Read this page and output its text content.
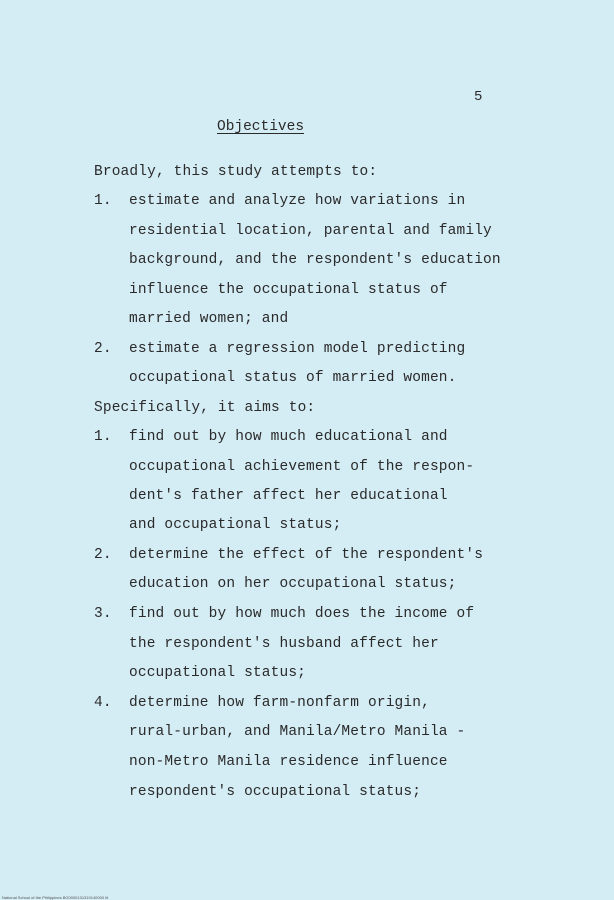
5
Objectives
Broadly, this study attempts to:
1. estimate and analyze how variations in
residential location, parental and family
background, and the respondent's education
influence the occupational status of
married women; and
2. estimate a regression model predicting
occupational status of married women.
Specifically, it aims to:
1. find out by how much educational and
occupational achievement of the respon-
dent's father affect her educational
and occupational status;
2. determine the effect of the respondent's
education on her occupational status;
3. find out by how much does the income of
the respondent's husband affect her
occupational status;
4. determine how farm-nonfarm origin,
rural-urban, and Manila/Metro Manila -
non-Metro Manila residence influence
respondent's occupational status;
National School of the Philippines BG0000131319140000 lit
